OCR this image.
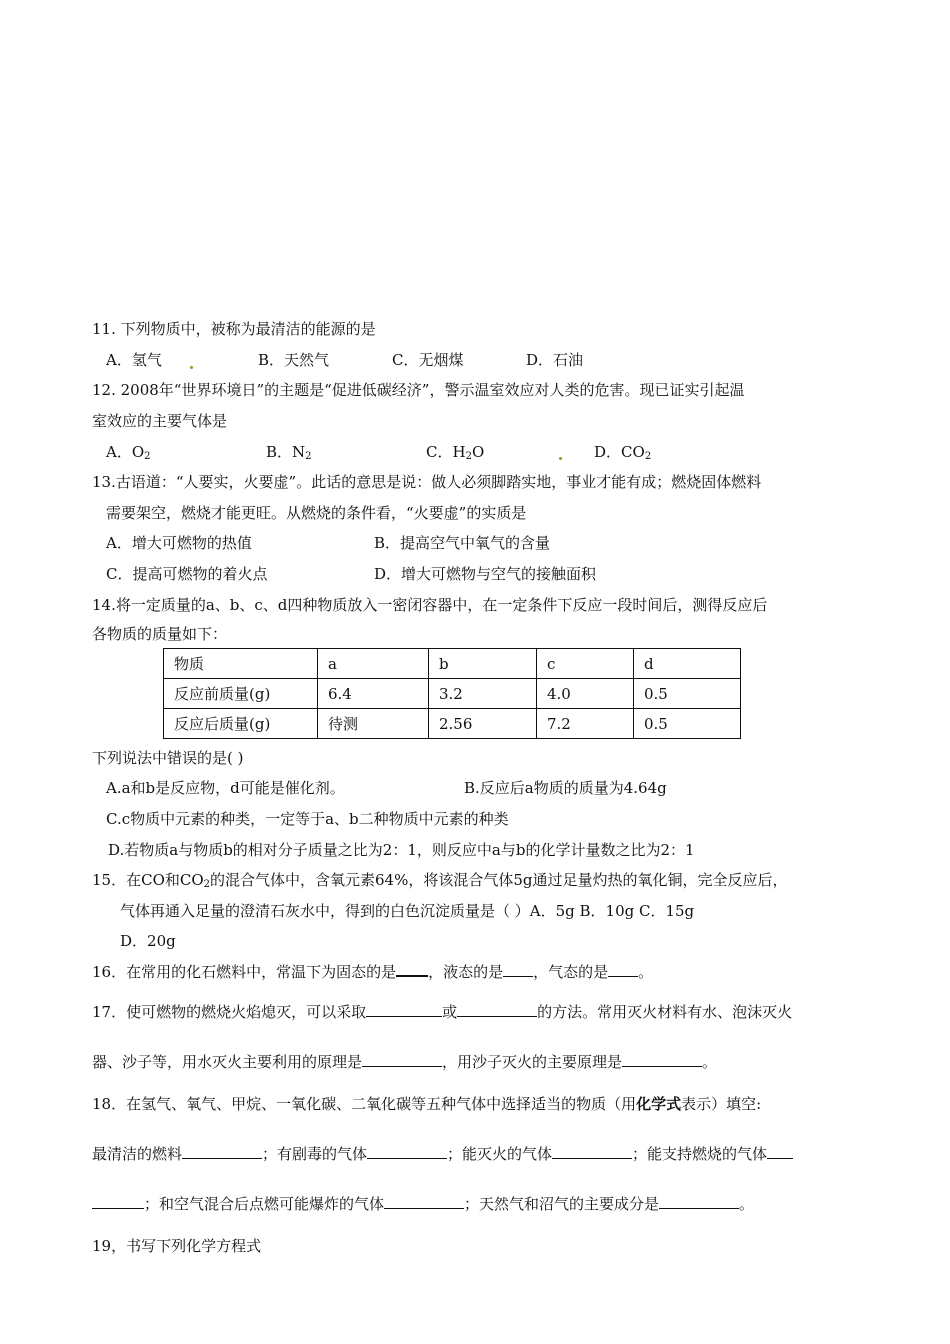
11. 下列物质中，被称为最清洁的能源的是
A．氢气	B．天然气	C．无烟煤	D．石油
12. 2008年“世界环境日”的主题是“促进低碳经济”，警示温室效应对人类的危害。现已证实引起温
室效应的主要气体是
A．$O_2$	B．$N_2$	C．$H_2O$	D．$CO_2$
13.古语道：“人要实，火要虚”。此话的意思是说：做人必须脚踏实地，事业才能有成；燃烧固体燃料
需要架空，燃烧才能更旺。从燃烧的条件看，“火要虚”的实质是
A．增大可燃物的热值	B．提高空气中氧气的含量
C．提高可燃物的着火点	D．增大可燃物与空气的接触面积
14.将一定质量的a、b、c、d四种物质放入一密闭容器中，在一定条件下反应一段时间后，测得反应后
各物质的质量如下：
物质	a	b	c	d
反应前质量(g)	6.4	3.2	4.0	0.5
反应后质量(g)	待测	2.56	7.2	0.5
下列说法中错误的是( )
A.a和b是反应物，d可能是催化剂。	B.反应后a物质的质量为4.64g
C.c物质中元素的种类，一定等于a、b二种物质中元素的种类
D.若物质a与物质b的相对分子质量之比为2：1，则反应中a与b的化学计量数之比为2：1
15．在CO和$CO_2$的混合气体中，含氧元素64%，将该混合气体5g通过足量灼热的氧化铜，完全反应后，
气体再通入足量的澄清石灰水中，得到的白色沉淀质量是（ ）A．5g B．10g C．15g
D．20g
16．在常用的化石燃料中，常温下为固态的是 ，液态的是 ，气态的是 。
17．使可燃物的燃烧火焰熄灭，可以采取	或	的方法。常用灭火材料有水、泡沫灭火
器、沙子等，用水灭火主要利用的原理是	，用沙子灭火的主要原理是	。
18．在氢气、氧气、甲烷、一氧化碳、二氧化碳等五种气体中选择适当的物质（用化学式表示）填空:
最清洁的燃料	；有剧毒的气体	；能灭火的气体	；能支持燃烧的气体
；和空气混合后点燃可能爆炸的气体	；天然气和沼气的主要成分是	。
19，书写下列化学方程式
